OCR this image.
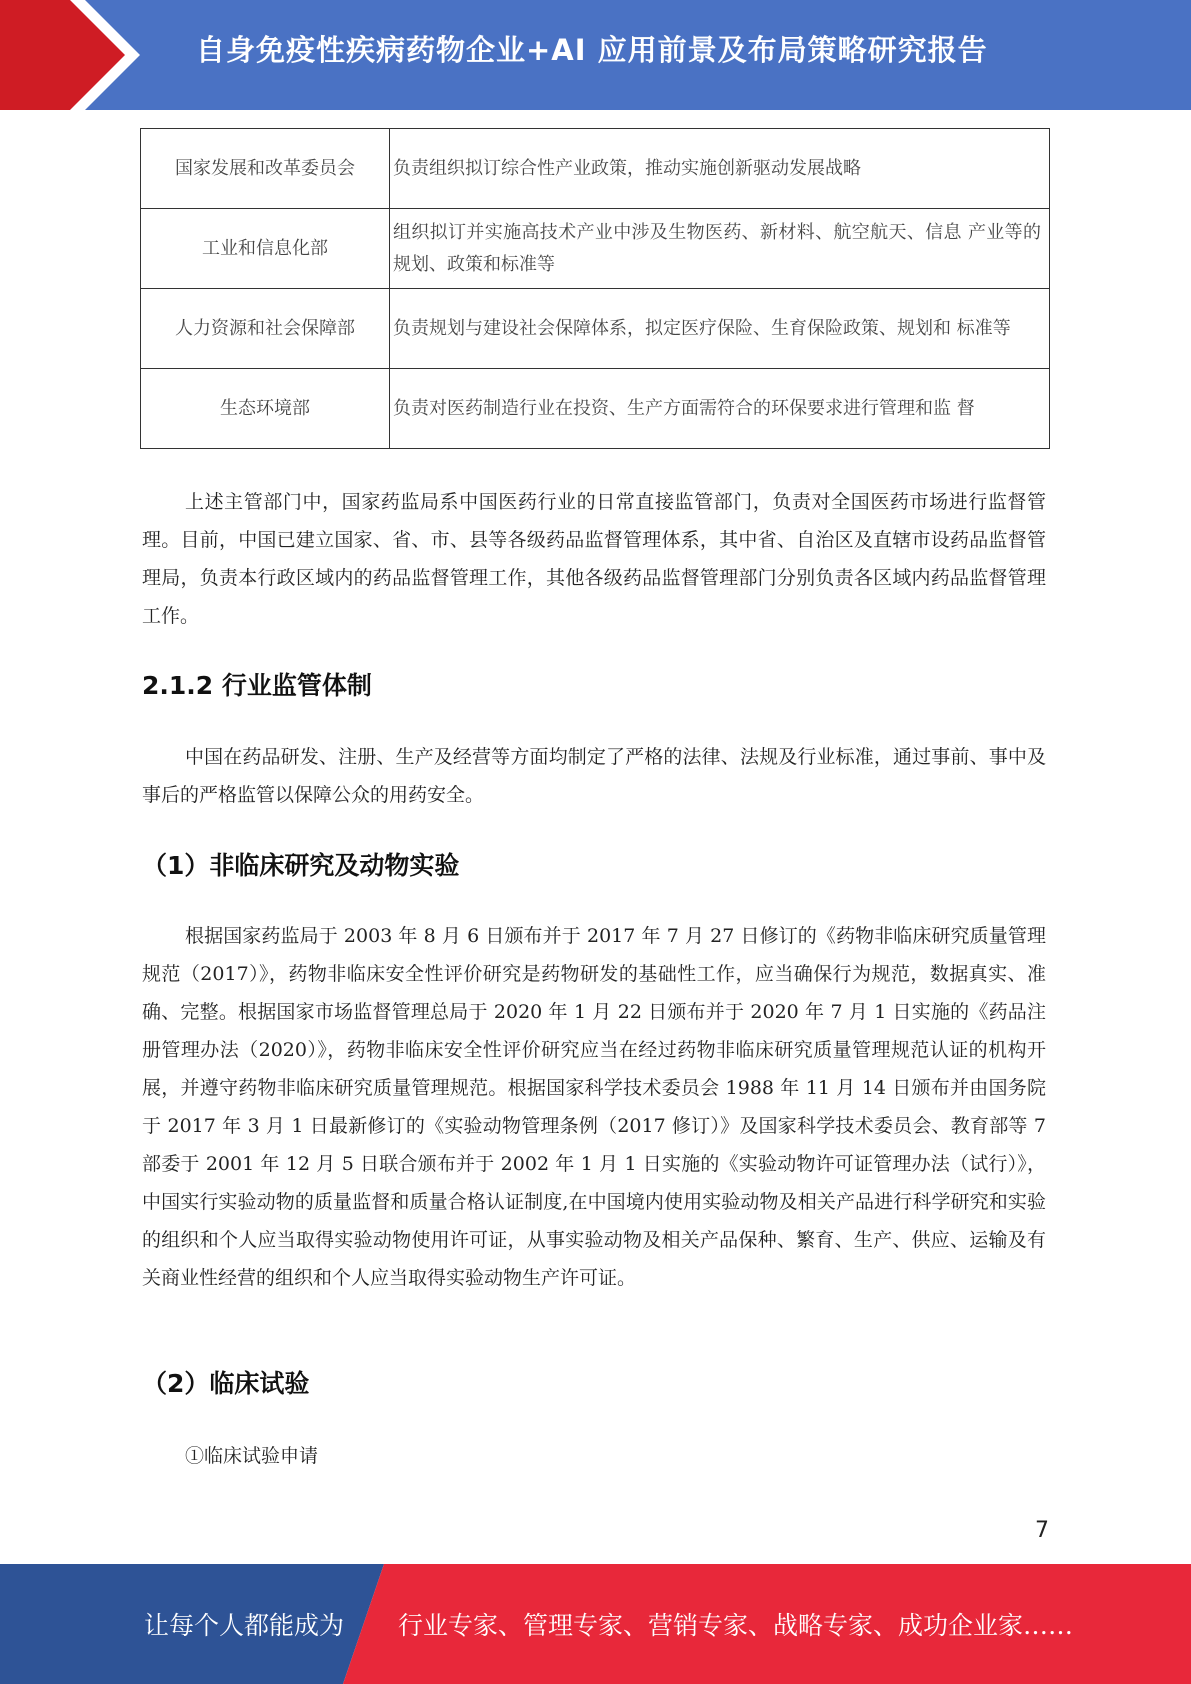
自身免疫性疾病药物企业+AI 应用前景及布局策略研究报告
国家发展和改革委员会	负责组织拟订综合性产业政策，推动实施创新驱动发展战略
工业和信息化部	组织拟订并实施高技术产业中涉及生物医药、新材料、航空航天、信息 产业等的规划、政策和标准等
人力资源和社会保障部	负责规划与建设社会保障体系，拟定医疗保险、生育保险政策、规划和 标准等
生态环境部	负责对医药制造行业在投资、生产方面需符合的环保要求进行管理和监 督

上述主管部门中，国家药监局系中国医药行业的日常直接监管部门，负责对全国医药市场进行监督管理。目前，中国已建立国家、省、市、县等各级药品监督管理体系，其中省、自治区及直辖市设药品监督管理局，负责本行政区域内的药品监督管理工作，其他各级药品监督管理部门分别负责各区域内药品监督管理工作。

2.1.2 行业监管体制

中国在药品研发、注册、生产及经营等方面均制定了严格的法律、法规及行业标准，通过事前、事中及事后的严格监管以保障公众的用药安全。

（1）非临床研究及动物实验

根据国家药监局于 2003 年 8 月 6 日颁布并于 2017 年 7 月 27 日修订的《药物非临床研究质量管理规范（2017）》，药物非临床安全性评价研究是药物研发的基础性工作，应当确保行为规范，数据真实、准确、完整。根据国家市场监督管理总局于 2020 年 1 月 22 日颁布并于 2020 年 7 月 1 日实施的《药品注册管理办法（2020）》，药物非临床安全性评价研究应当在经过药物非临床研究质量管理规范认证的机构开展，并遵守药物非临床研究质量管理规范。根据国家科学技术委员会 1988 年 11 月 14 日颁布并由国务院于 2017 年 3 月 1 日最新修订的《实验动物管理条例（2017 修订）》及国家科学技术委员会、教育部等 7 部委于 2001 年 12 月 5 日联合颁布并于 2002 年 1 月 1 日实施的《实验动物许可证管理办法（试行）》，中国实行实验动物的质量监督和质量合格认证制度,在中国境内使用实验动物及相关产品进行科学研究和实验的组织和个人应当取得实验动物使用许可证，从事实验动物及相关产品保种、繁育、生产、供应、运输及有关商业性经营的组织和个人应当取得实验动物生产许可证。

（2）临床试验

①临床试验申请

7
让每个人都能成为 行业专家、管理专家、营销专家、战略专家、成功企业家……
